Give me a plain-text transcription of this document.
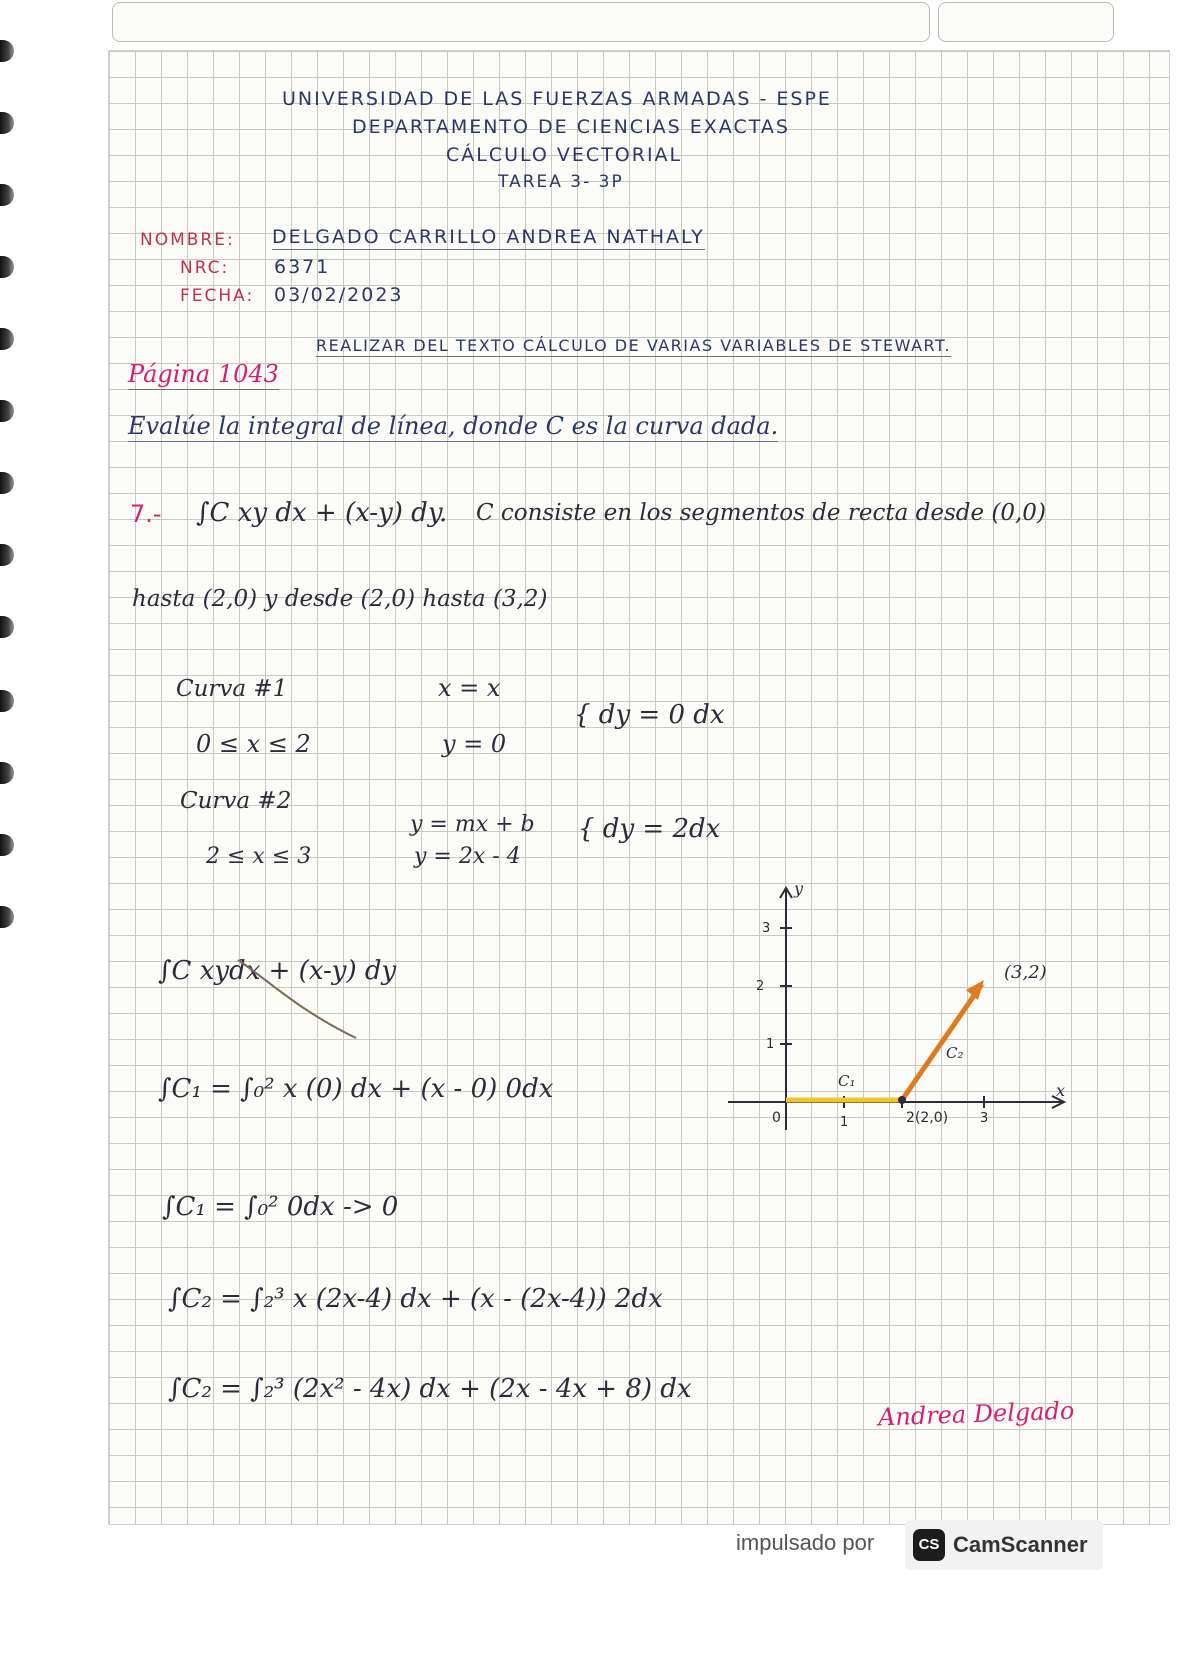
UNIVERSIDAD DE LAS FUERZAS ARMADAS - ESPE
DEPARTAMENTO DE CIENCIAS EXACTAS
CÁLCULO VECTORIAL
TAREA 3- 3P
NOMBRE: DELGADO CARRILLO ANDREA NATHALY
NRC: 6371
FECHA: 03/02/2023
REALIZAR DEL TEXTO CÁLCULO DE VARIAS VARIABLES DE STEWART.
Página 1043
Evalúe la integral de línea, donde C es la curva dada.
7.- ∫C xy dx + (x-y) dy. C consiste en los segmentos de recta desde (0,0)
hasta (2,0) y desde (2,0) hasta (3,2)
Curva #1
0 ≤ x ≤ 2
x = x
y = 0
{ dy = 0 dx
Curva #2
y = mx + b
2 ≤ x ≤ 3	y = 2x - 4
{ dy = 2dx
∫C xydx + (x-y) dy
∫C₁ = ∫₀² x (0) dx + (x - 0) 0dx
∫C₁ = ∫₀² 0dx -> 0
∫C₂ = ∫₂³ x (2x-4) dx + (x - (2x-4)) 2dx
∫C₂ = ∫₂³ (2x² - 4x) dx + (2x - 4x + 8) dx
y
x
1
2
3
0	1	2(2,0) 3
C₁
C₂
(3,2)
Andrea Delgado
impulsado por	CS CamScanner
